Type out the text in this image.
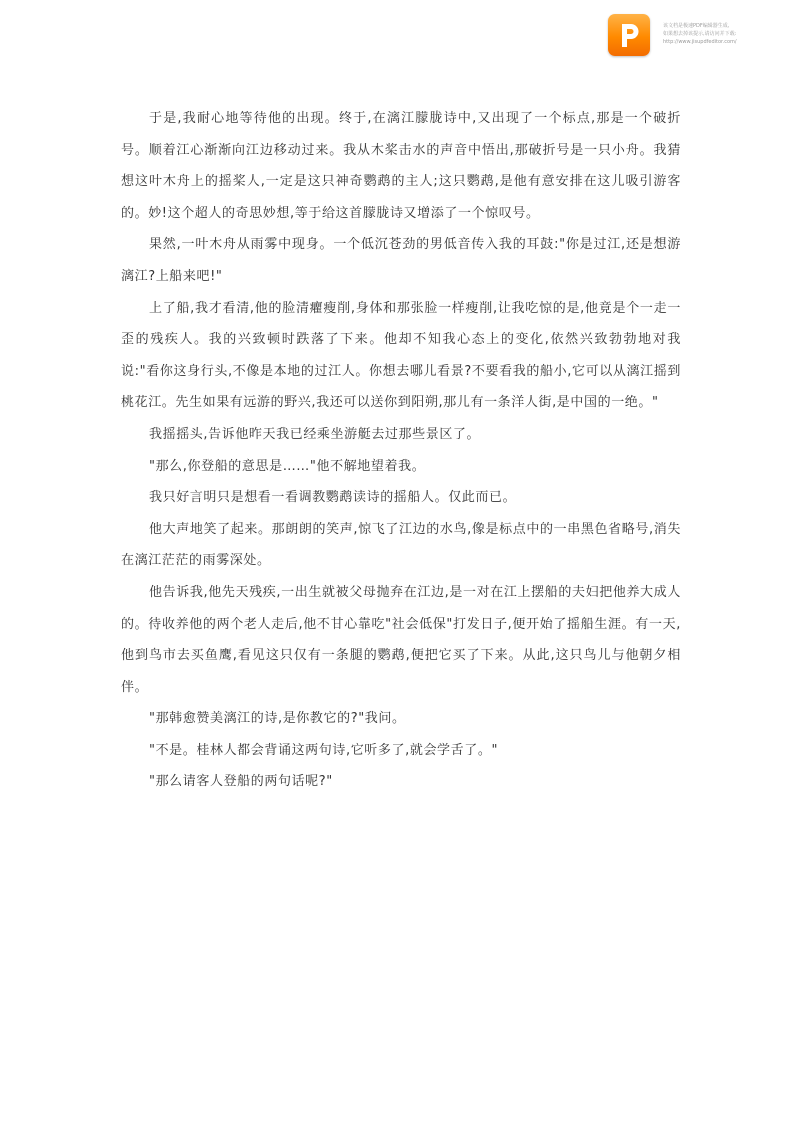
该文档是极速PDF编辑器生成,
如果想去掉该提示,请访问并下载:
http://www.jisupdfeditor.com/

于是,我耐心地等待他的出现。终于,在漓江朦胧诗中,又出现了一个标点,那是一个破折号。顺着江心渐渐向江边移动过来。我从木桨击水的声音中悟出,那破折号是一只小舟。我猜想这叶木舟上的摇桨人,一定是这只神奇鹦鹉的主人;这只鹦鹉,是他有意安排在这儿吸引游客的。妙!这个超人的奇思妙想,等于给这首朦胧诗又增添了一个惊叹号。

果然,一叶木舟从雨雾中现身。一个低沉苍劲的男低音传入我的耳鼓:"你是过江,还是想游漓江?上船来吧!"

上了船,我才看清,他的脸清癯瘦削,身体和那张脸一样瘦削,让我吃惊的是,他竟是个一走一歪的残疾人。我的兴致顿时跌落了下来。他却不知我心态上的变化,依然兴致勃勃地对我说:"看你这身行头,不像是本地的过江人。你想去哪儿看景?不要看我的船小,它可以从漓江摇到桃花江。先生如果有远游的野兴,我还可以送你到阳朔,那儿有一条洋人街,是中国的一绝。"

我摇摇头,告诉他昨天我已经乘坐游艇去过那些景区了。

"那么,你登船的意思是……"他不解地望着我。

我只好言明只是想看一看调教鹦鹉读诗的摇船人。仅此而已。

他大声地笑了起来。那朗朗的笑声,惊飞了江边的水鸟,像是标点中的一串黑色省略号,消失在漓江茫茫的雨雾深处。

他告诉我,他先天残疾,一出生就被父母抛弃在江边,是一对在江上摆船的夫妇把他养大成人的。待收养他的两个老人走后,他不甘心靠吃"社会低保"打发日子,便开始了摇船生涯。有一天,他到鸟市去买鱼鹰,看见这只仅有一条腿的鹦鹉,便把它买了下来。从此,这只鸟儿与他朝夕相伴。

"那韩愈赞美漓江的诗,是你教它的?"我问。

"不是。桂林人都会背诵这两句诗,它听多了,就会学舌了。"

"那么请客人登船的两句话呢?"
